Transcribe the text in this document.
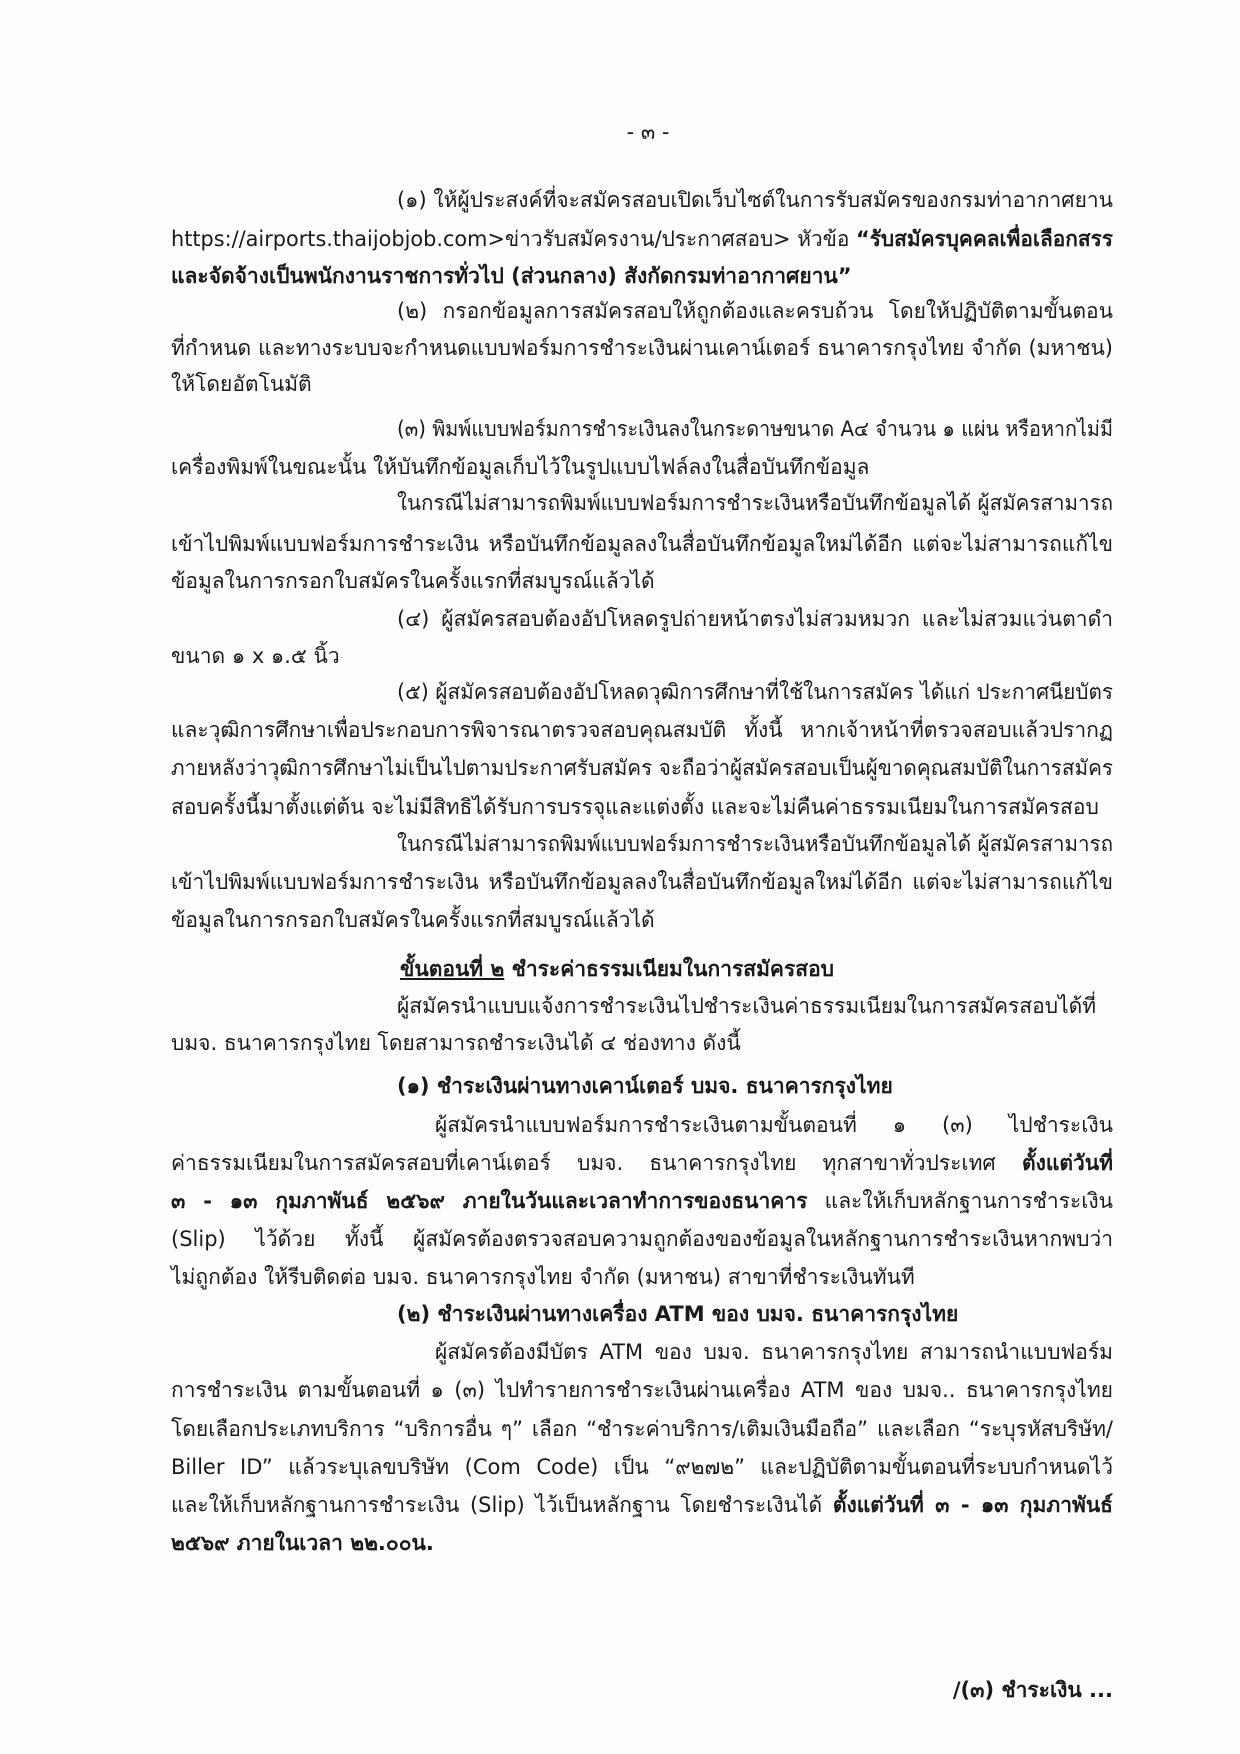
- ๓ -
(๑) ให้ผู้ประสงค์ที่จะสมัครสอบเปิดเว็บไซต์ในการรับสมัครของกรมท่าอากาศยาน
https://airports.thaijobjob.com>ข่าวรับสมัครงาน/ประกาศสอบ> หัวข้อ “รับสมัครบุคคลเพื่อเลือกสรร
และจัดจ้างเป็นพนักงานราชการทั่วไป (ส่วนกลาง) สังกัดกรมท่าอากาศยาน”
(๒) กรอกข้อมูลการสมัครสอบให้ถูกต้องและครบถ้วน โดยให้ปฏิบัติตามขั้นตอน
ที่กำหนด และทางระบบจะกำหนดแบบฟอร์มการชำระเงินผ่านเคาน์เตอร์ ธนาคารกรุงไทย จำกัด (มหาชน)
ให้โดยอัตโนมัติ
(๓) พิมพ์แบบฟอร์มการชำระเงินลงในกระดาษขนาด A๔ จำนวน ๑ แผ่น หรือหากไม่มี
เครื่องพิมพ์ในขณะนั้น ให้บันทึกข้อมูลเก็บไว้ในรูปแบบไฟล์ลงในสื่อบันทึกข้อมูล
ในกรณีไม่สามารถพิมพ์แบบฟอร์มการชำระเงินหรือบันทึกข้อมูลได้ ผู้สมัครสามารถ
เข้าไปพิมพ์แบบฟอร์มการชำระเงิน หรือบันทึกข้อมูลลงในสื่อบันทึกข้อมูลใหม่ได้อีก แต่จะไม่สามารถแก้ไข
ข้อมูลในการกรอกใบสมัครในครั้งแรกที่สมบูรณ์แล้วได้
(๔) ผู้สมัครสอบต้องอัปโหลดรูปถ่ายหน้าตรงไม่สวมหมวก และไม่สวมแว่นตาดำ
ขนาด ๑ x ๑.๕ นิ้ว
(๕) ผู้สมัครสอบต้องอัปโหลดวุฒิการศึกษาที่ใช้ในการสมัคร ได้แก่ ประกาศนียบัตร
และวุฒิการศึกษาเพื่อประกอบการพิจารณาตรวจสอบคุณสมบัติ ทั้งนี้ หากเจ้าหน้าที่ตรวจสอบแล้วปรากฏ
ภายหลังว่าวุฒิการศึกษาไม่เป็นไปตามประกาศรับสมัคร จะถือว่าผู้สมัครสอบเป็นผู้ขาดคุณสมบัติในการสมัคร
สอบครั้งนี้มาตั้งแต่ต้น จะไม่มีสิทธิได้รับการบรรจุและแต่งตั้ง และจะไม่คืนค่าธรรมเนียมในการสมัครสอบ
ในกรณีไม่สามารถพิมพ์แบบฟอร์มการชำระเงินหรือบันทึกข้อมูลได้ ผู้สมัครสามารถ
เข้าไปพิมพ์แบบฟอร์มการชำระเงิน หรือบันทึกข้อมูลลงในสื่อบันทึกข้อมูลใหม่ได้อีก แต่จะไม่สามารถแก้ไข
ข้อมูลในการกรอกใบสมัครในครั้งแรกที่สมบูรณ์แล้วได้
ขั้นตอนที่ ๒ ชำระค่าธรรมเนียมในการสมัครสอบ
ผู้สมัครนำแบบแจ้งการชำระเงินไปชำระเงินค่าธรรมเนียมในการสมัครสอบได้ที่
บมจ. ธนาคารกรุงไทย โดยสามารถชำระเงินได้ ๔ ช่องทาง ดังนี้
(๑) ชำระเงินผ่านทางเคาน์เตอร์ บมจ. ธนาคารกรุงไทย
ผู้สมัครนำแบบฟอร์มการชำระเงินตามขั้นตอนที่ ๑ (๓) ไปชำระเงิน
ค่าธรรมเนียมในการสมัครสอบที่เคาน์เตอร์ บมจ. ธนาคารกรุงไทย ทุกสาขาทั่วประเทศ ตั้งแต่วันที่
๓ - ๑๓ กุมภาพันธ์ ๒๕๖๙ ภายในวันและเวลาทำการของธนาคาร และให้เก็บหลักฐานการชำระเงิน
(Slip) ไว้ด้วย ทั้งนี้ ผู้สมัครต้องตรวจสอบความถูกต้องของข้อมูลในหลักฐานการชำระเงินหากพบว่า
ไม่ถูกต้อง ให้รีบติดต่อ บมจ. ธนาคารกรุงไทย จำกัด (มหาชน) สาขาที่ชำระเงินทันที
(๒) ชำระเงินผ่านทางเครื่อง ATM ของ บมจ. ธนาคารกรุงไทย
ผู้สมัครต้องมีบัตร ATM ของ บมจ. ธนาคารกรุงไทย สามารถนำแบบฟอร์ม
การชำระเงิน ตามขั้นตอนที่ ๑ (๓) ไปทำรายการชำระเงินผ่านเครื่อง ATM ของ บมจ.. ธนาคารกรุงไทย
โดยเลือกประเภทบริการ “บริการอื่น ๆ” เลือก “ชำระค่าบริการ/เติมเงินมือถือ” และเลือก “ระบุรหัสบริษัท/
Biller ID” แล้วระบุเลขบริษัท (Com Code) เป็น “๙๒๗๒” และปฏิบัติตามขั้นตอนที่ระบบกำหนดไว้
และให้เก็บหลักฐานการชำระเงิน (Slip) ไว้เป็นหลักฐาน โดยชำระเงินได้ ตั้งแต่วันที่ ๓ - ๑๓ กุมภาพันธ์
๒๕๖๙ ภายในเวลา ๒๒.๐๐น.
/(๓) ชำระเงิน ...
